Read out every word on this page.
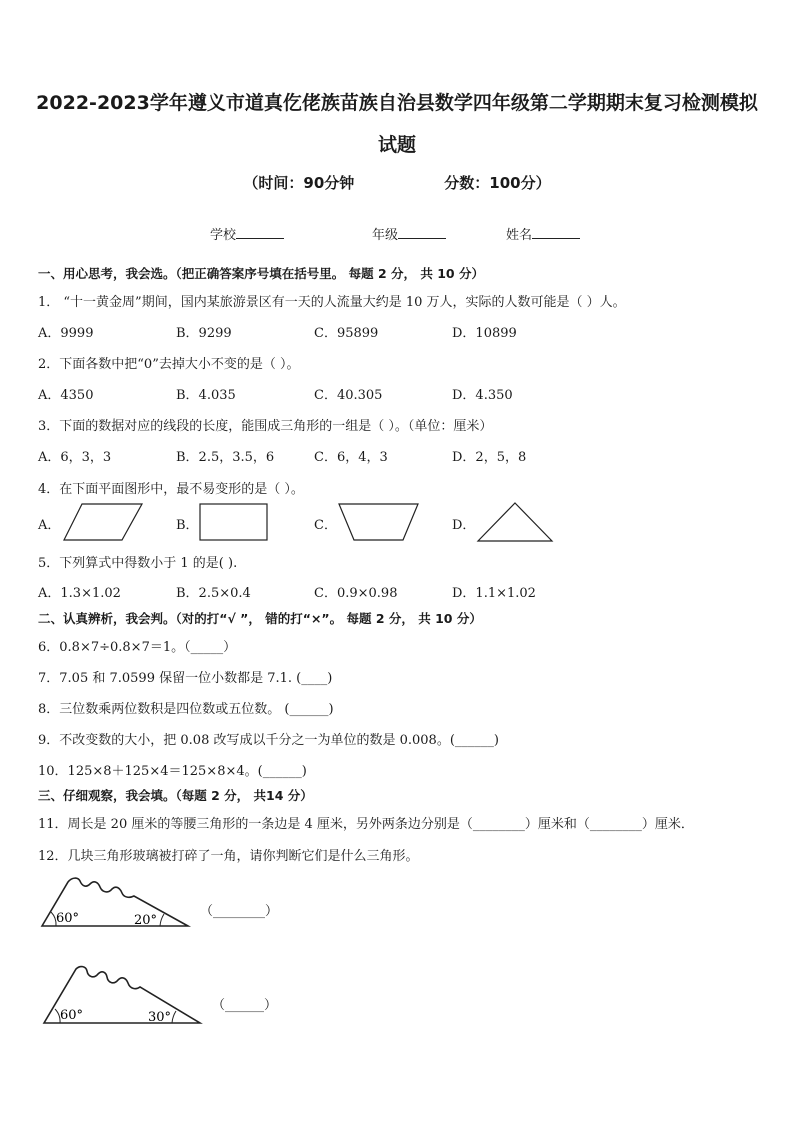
2022-2023学年遵义市道真仡佬族苗族自治县数学四年级第二学期期末复习检测模拟
试题
（时间：90分钟	分数：100分）
学校	年级	姓名
一、用心思考，我会选。（把正确答案序号填在括号里。 每题 2 分， 共 10 分）
1． “十一黄金周”期间，国内某旅游景区有一天的人流量大约是 10 万人，实际的人数可能是（ ）人。
A．9999	B．9299	C．95899	D．10899
2．下面各数中把“0”去掉大小不变的是（ ）。
A．4350	B．4.035	C．40.305	D．4.350
3．下面的数据对应的线段的长度，能围成三角形的一组是（ ）。（单位：厘米）
A．6，3，3	B．2.5，3.5，6	C．6，4，3	D．2，5，8
4．在下面平面图形中，最不易变形的是（ ）。
A．	B．	C．	D．
5．下列算式中得数小于 1 的是( ).
A．1.3×1.02	B．2.5×0.4	C．0.9×0.98	D．1.1×1.02
二、认真辨析，我会判。（对的打“√ ”， 错的打“×”。 每题 2 分， 共 10 分）
6．0.8×7÷0.8×7＝1。（_____）
7．7.05 和 7.0599 保留一位小数都是 7.1. (____)
8．三位数乘两位数积是四位数或五位数。 (______)
9．不改变数的大小，把 0.08 改写成以千分之一为单位的数是 0.008。(______)
10．125×8＋125×4＝125×8×4。(______)
三、仔细观察，我会填。（每题 2 分， 共14 分）
11．周长是 20 厘米的等腰三角形的一条边是 4 厘米，另外两条边分别是（________）厘米和（________）厘米．
12．几块三角形玻璃被打碎了一角，请你判断它们是什么三角形。
60°	20°
（________）
60°	30°
（______）
